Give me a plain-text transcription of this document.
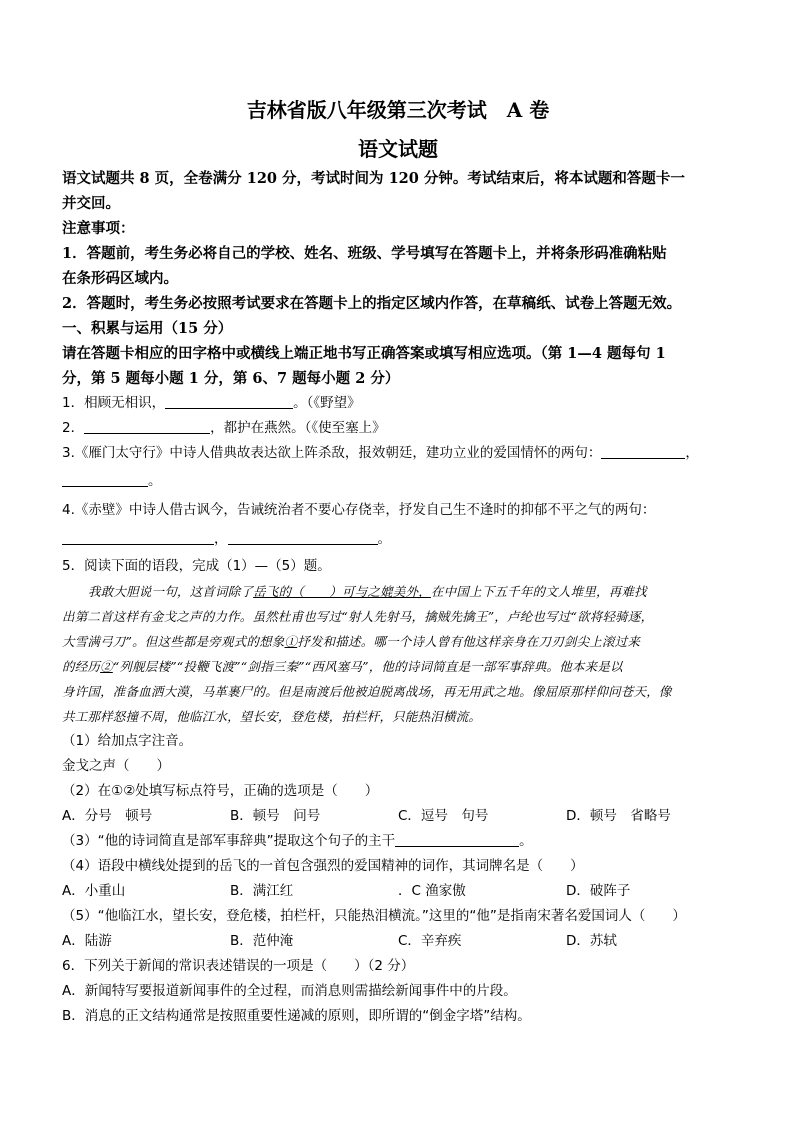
吉林省版八年级第三次考试　A 卷
语文试题
语文试题共 8 页，全卷满分 120 分，考试时间为 120 分钟。考试结束后，将本试题和答题卡一
并交回。
注意事项：
1．答题前，考生务必将自己的学校、姓名、班级、学号填写在答题卡上，并将条形码准确粘贴
在条形码区域内。
2．答题时，考生务必按照考试要求在答题卡上的指定区域内作答，在草稿纸、试卷上答题无效。
一、积累与运用（15 分）
请在答题卡相应的田字格中或横线上端正地书写正确答案或填写相应选项。（第 1—4 题每句 1
分，第 5 题每小题 1 分，第 6、7 题每小题 2 分）
1．相顾无相识，	。（《野望》
2．	，都护在燕然。（《使至塞上》
3.《雁门太守行》中诗人借典故表达欲上阵杀敌，报效朝廷，建功立业的爱国情怀的两句：	，
。
4.《赤壁》中诗人借古讽今，告诫统治者不要心存侥幸，抒发自己生不逢时的抑郁不平之气的两句：
，	。
5．阅读下面的语段，完成（1）—（5）题。
我敢大胆说一句，这首词除了岳飞的（　　）可与之媲美外，在中国上下五千年的文人堆里，再难找
出第二首这样有金戈之声的力作。虽然杜甫也写过“射人先射马，擒贼先擒王”，卢纶也写过“欲将轻骑逐，
大雪满弓刀”。但这些都是旁观式的想象①抒发和描述。哪一个诗人曾有他这样亲身在刀刃剑尖上滚过来
的经历②“列舰层楼”“投鞭飞渡”“剑指三秦”“西风塞马”，他的诗词简直是一部军事辞典。他本来是以
身许国，准备血洒大漠，马革裹尸的。但是南渡后他被迫脱离战场，再无用武之地。像屈原那样仰问苍天，像
共工那样怒撞不周，他临江水，望长安，登危楼，拍栏杆，只能热泪横流。
（1）给加点字注音。
金戈之声（　　）
（2）在①②处填写标点符号，正确的选项是（　　）
A．分号　顿号	B．顿号　问号	C．逗号　句号	D．顿号　省略号
（3）“他的诗词简直是部军事辞典”提取这个句子的主干	。
（4）语段中横线处提到的岳飞的一首包含强烈的爱国精神的词作，其词牌名是（　　）
A．小重山	B．满江红	．C 渔家傲	D．破阵子
（5）“他临江水，望长安，登危楼，拍栏杆，只能热泪横流。”这里的“他”是指南宋著名爱国词人（　　）
A．陆游	B．范仲淹	C．辛弃疾	D．苏轼
6．下列关于新闻的常识表述错误的一项是（　　）（2 分）
A．新闻特写要报道新闻事件的全过程，而消息则需描绘新闻事件中的片段。
B．消息的正文结构通常是按照重要性递减的原则，即所谓的“倒金字塔”结构。
